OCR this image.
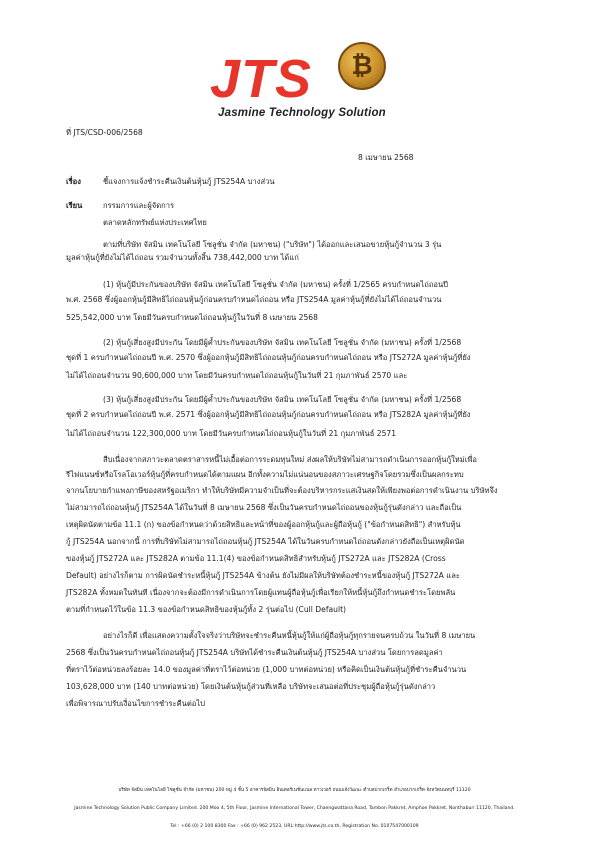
JTS	₿
Jasmine Technology Solution
ที่ JTS/CSD-006/2568
8 เมษายน 2568
เรื่อง	ชี้แจงการแจ้งชำระคืนเงินต้นหุ้นกู้ JTS254A บางส่วน
เรียน	กรรมการและผู้จัดการ
ตลาดหลักทรัพย์แห่งประเทศไทย
ตามที่บริษัท จัสมิน เทคโนโลยี โซลูชั่น จำกัด (มหาชน) ("บริษัท") ได้ออกและเสนอขายหุ้นกู้จำนวน 3 รุ่น
มูลค่าหุ้นกู้ที่ยังไม่ได้ไถ่ถอน รวมจำนวนทั้งสิ้น 738,442,000 บาท ได้แก่
(1) หุ้นกู้มีประกันของบริษัท จัสมิน เทคโนโลยี โซลูชั่น จำกัด (มหาชน) ครั้งที่ 1/2565 ครบกำหนดไถ่ถอนปี
พ.ศ. 2568 ซึ่งผู้ออกหุ้นกู้มีสิทธิไถ่ถอนหุ้นกู้ก่อนครบกำหนดไถ่ถอน หรือ JTS254A มูลค่าหุ้นกู้ที่ยังไม่ได้ไถ่ถอนจำนวน
525,542,000 บาท โดยมีวันครบกำหนดไถ่ถอนหุ้นกู้ในวันที่ 8 เมษายน 2568
(2) หุ้นกู้เสี่ยงสูงมีประกัน โดยมีผู้ค้ำประกันของบริษัท จัสมิน เทคโนโลยี โซลูชั่น จำกัด (มหาชน) ครั้งที่ 1/2568
ชุดที่ 1 ครบกำหนดไถ่ถอนปี พ.ศ. 2570 ซึ่งผู้ออกหุ้นกู้มีสิทธิไถ่ถอนหุ้นกู้ก่อนครบกำหนดไถ่ถอน หรือ JTS272A มูลค่าหุ้นกู้ที่ยัง
ไม่ได้ไถ่ถอนจำนวน 90,600,000 บาท โดยมีวันครบกำหนดไถ่ถอนหุ้นกู้ในวันที่ 21 กุมภาพันธ์ 2570 และ
(3) หุ้นกู้เสี่ยงสูงมีประกัน โดยมีผู้ค้ำประกันของบริษัท จัสมิน เทคโนโลยี โซลูชั่น จำกัด (มหาชน) ครั้งที่ 1/2568
ชุดที่ 2 ครบกำหนดไถ่ถอนปี พ.ศ. 2571 ซึ่งผู้ออกหุ้นกู้มีสิทธิไถ่ถอนหุ้นกู้ก่อนครบกำหนดไถ่ถอน หรือ JTS282A มูลค่าหุ้นกู้ที่ยัง
ไม่ได้ไถ่ถอนจำนวน 122,300,000 บาท โดยมีวันครบกำหนดไถ่ถอนหุ้นกู้ในวันที่ 21 กุมภาพันธ์ 2571
สืบเนื่องจากสภาวะตลาดตราสารหนี้ไม่เอื้อต่อการระดมทุนใหม่ ส่งผลให้บริษัทไม่สามารถดำเนินการออกหุ้นกู้ใหม่เพื่อ
รีไฟแนนซ์หรือโรลโอเวอร์หุ้นกู้ที่ครบกำหนดได้ตามแผน อีกทั้งความไม่แน่นอนของสภาวะเศรษฐกิจโดยรวมซึ่งเป็นผลกระทบ
จากนโยบายกำแพงภาษีของสหรัฐอเมริกา ทำให้บริษัทมีความจำเป็นที่จะต้องบริหารกระแสเงินสดให้เพียงพอต่อการดำเนินงาน บริษัทจึง
ไม่สามารถไถ่ถอนหุ้นกู้ JTS254A ได้ในวันที่ 8 เมษายน 2568 ซึ่งเป็นวันครบกำหนดไถ่ถอนของหุ้นกู้รุ่นดังกล่าว และถือเป็น
เหตุผิดนัดตามข้อ 11.1 (ก) ของข้อกำหนดว่าด้วยสิทธิและหน้าที่ของผู้ออกหุ้นกู้และผู้ถือหุ้นกู้ ("ข้อกำหนดสิทธิ") สำหรับหุ้น
กู้ JTS254A นอกจากนี้ การที่บริษัทไม่สามารถไถ่ถอนหุ้นกู้ JTS254A ได้ในวันครบกำหนดไถ่ถอนดังกล่าวยังถือเป็นเหตุผิดนัด
ของหุ้นกู้ JTS272A และ JTS282A ตามข้อ 11.1(4) ของข้อกำหนดสิทธิสำหรับหุ้นกู้ JTS272A และ JTS282A (Cross
Default) อย่างไรก็ตาม การผิดนัดชำระหนี้หุ้นกู้ JTS254A ข้างต้น ยังไม่มีผลให้บริษัทต้องชำระหนี้ของหุ้นกู้ JTS272A และ
JTS282A ทั้งหมดในทันที เนื่องจากจะต้องมีการดำเนินการโดยผู้แทนผู้ถือหุ้นกู้เพื่อเรียกให้หนี้หุ้นกู้ถึงกำหนดชำระโดยพลัน
ตามที่กำหนดไว้ในข้อ 11.3 ของข้อกำหนดสิทธิของหุ้นกู้ทั้ง 2 รุ่นต่อไป (Cull Default)
อย่างไรก็ดี เพื่อแสดงความตั้งใจจริงว่าบริษัทจะชำระคืนหนี้หุ้นกู้ให้แก่ผู้ถือหุ้นกู้ทุกรายจนครบถ้วน ในวันที่ 8 เมษายน
2568 ซึ่งเป็นวันครบกำหนดไถ่ถอนหุ้นกู้ JTS254A บริษัทได้ชำระคืนเงินต้นหุ้นกู้ JTS254A บางส่วน โดยการลดมูลค่า
ที่ตราไว้ต่อหน่วยลงร้อยละ 14.0 ของมูลค่าที่ตราไว้ต่อหน่วย (1,000 บาทต่อหน่วย) หรือคิดเป็นเงินต้นหุ้นกู้ที่ชำระคืนจำนวน
103,628,000 บาท (140 บาทต่อหน่วย) โดยเงินต้นหุ้นกู้ส่วนที่เหลือ บริษัทจะเสนอต่อที่ประชุมผู้ถือหุ้นกู้รุ่นดังกล่าว
เพื่อพิจารณาปรับเงื่อนไขการชำระคืนต่อไป
บริษัท จัสมิน เทคโนโลยี โซลูชั่น จำกัด (มหาชน) 200 หมู่ 4 ชั้น 5 อาคารจัสมิน อินเตอร์เนชั่นแนล ทาวเวอร์ ถนนแจ้งวัฒนะ ตำบลปากเกร็ด อำเภอปากเกร็ด จังหวัดนนทบุรี 11120
Jasmine Technology Solution Public Company Limited. 200 Moo 4, 5th Floor, Jasmine International Tower, Chaengwattana Road, Tambon Pakkret, Amphoe Pakkret, Nonthaburi 11120, Thailand.
Tel : +66 (0) 2 100 8300 Fax : +66 (0) 962 2523, URL:http://www.jts.co.th, Registration No. 0107547000109
